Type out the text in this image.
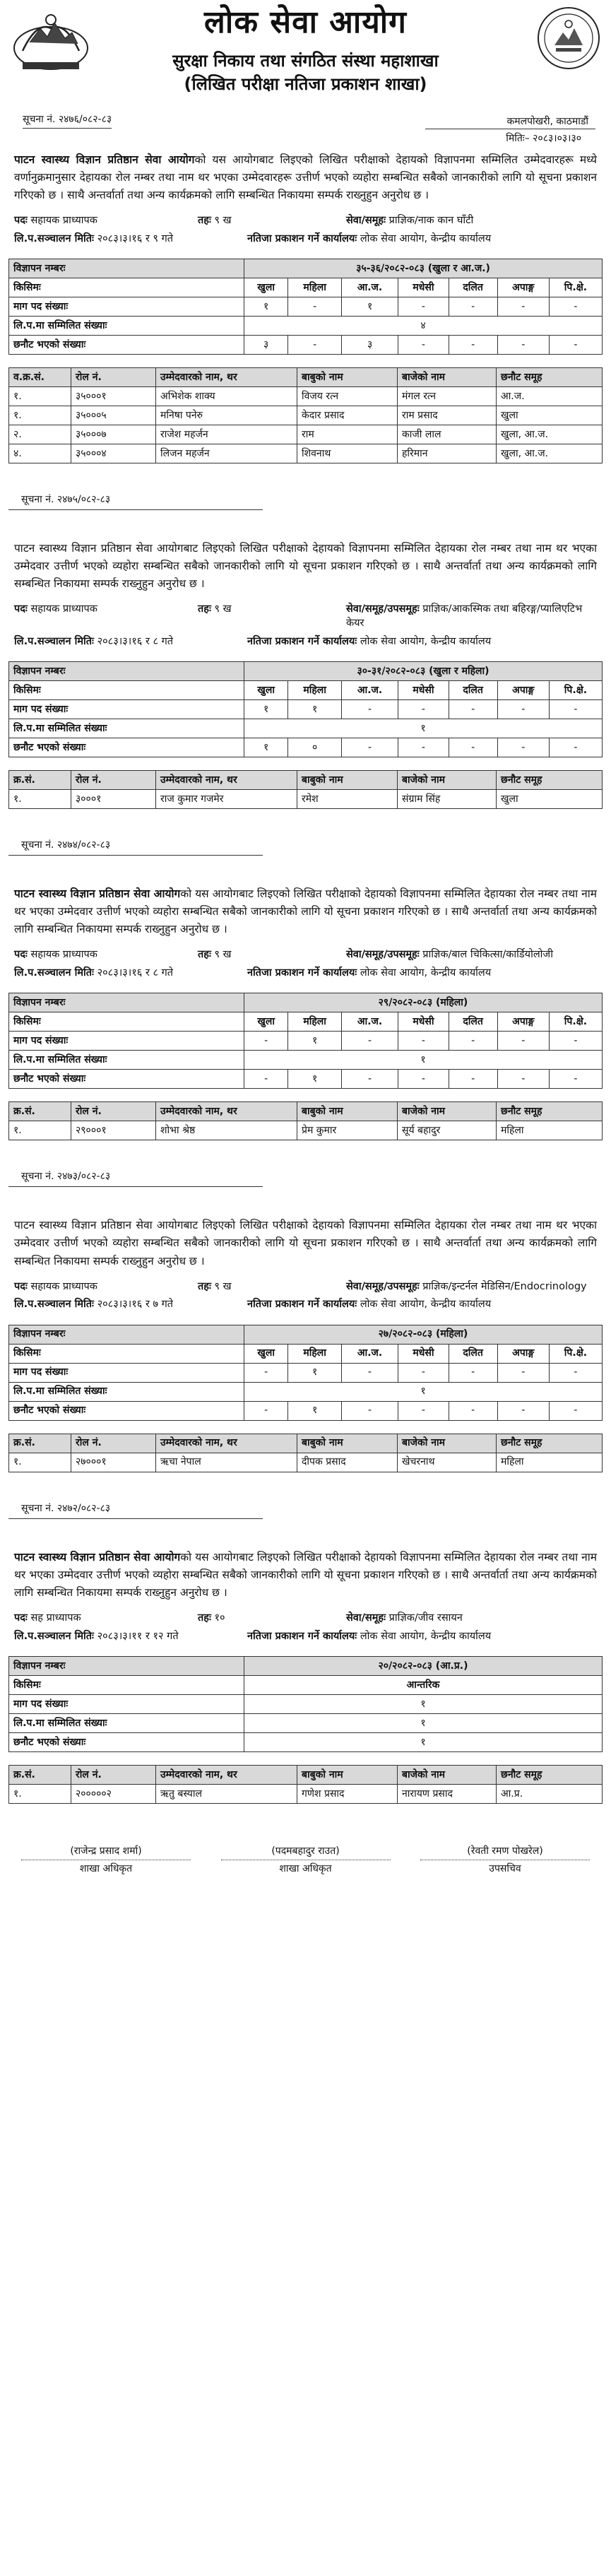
लोक सेवा आयोग
सुरक्षा निकाय तथा संगठित संस्था महाशाखा
(लिखित परीक्षा नतिजा प्रकाशन शाखा)
सूचना नं. २४७६/०८२-८३	कमलपोखरी, काठमाडौं
मितिः– २०८३।०३।३०
पाटन स्वास्थ्य विज्ञान प्रतिष्ठान सेवा आयोगको यस आयोगबाट लिइएको लिखित परीक्षाको देहायको विज्ञापनमा सम्मिलित उम्मेदवारहरू मध्ये वर्णानुक्रमानुसार देहायका रोल नम्बर तथा नाम थर भएका उम्मेदवारहरू उत्तीर्ण भएको व्यहोरा सम्बन्धित सबैको जानकारीको लागि यो सूचना प्रकाशन गरिएको छ । साथै अन्तर्वार्ता तथा अन्य कार्यक्रमको लागि सम्बन्धित निकायमा सम्पर्क राख्नुहुन अनुरोध छ ।
पदः सहायक प्राध्यापक	तहः ९ ख	सेवा/समूहः प्राज्ञिक/नाक कान घाँटी
लि.प.सञ्चालन मितिः २०८३।३।१६ र ९ गते	नतिजा प्रकाशन गर्ने कार्यालयः लोक सेवा आयोग, केन्द्रीय कार्यालय
विज्ञापन नम्बरः	३५-३६/२०८२-०८३ (खुला र आ.ज.)						
किसिमः	खुला	महिला	आ.ज.	मधेसी	दलित	अपाङ्ग	पि.क्षे.
माग पद संख्याः	१	-	१	-	-	-	-
लि.प.मा सम्मिलित संख्याः	४						
छनौट भएको संख्याः	३	-	३	-	-	-	-
व.क्र.सं.	रोल नं.	उम्मेदवारको नाम, थर	बाबुको नाम	बाजेको नाम	छनौट समूह
१.	३५०००१	अभिशेक शाक्य	विजय रत्न	मंगल रत्न	आ.ज.
१.	३५०००५	मनिषा पनेरु	केदार प्रसाद	राम प्रसाद	खुला
२.	३५०००७	राजेश महर्जन	राम	काजी लाल	खुला, आ.ज.
४.	३५०००४	लिजन महर्जन	शिवनाथ	हरिमान	खुला, आ.ज.
सूचना नं. २४७५/०८२-८३
पाटन स्वास्थ्य विज्ञान प्रतिष्ठान सेवा आयोगबाट लिइएको लिखित परीक्षाको देहायको विज्ञापनमा सम्मिलित देहायका रोल नम्बर तथा नाम थर भएका उम्मेदवार उत्तीर्ण भएको व्यहोरा सम्बन्धित सबैको जानकारीको लागि यो सूचना प्रकाशन गरिएको छ । साथै अन्तर्वार्ता तथा अन्य कार्यक्रमको लागि सम्बन्धित निकायमा सम्पर्क राख्नुहुन अनुरोध छ ।
पदः सहायक प्राध्यापक	तहः ९ ख	सेवा/समूह/उपसमूहः प्राज्ञिक/आकस्मिक तथा बहिरङ्ग/प्यालिएटिभ केयर
लि.प.सञ्चालन मितिः २०८३।३।१६ र ८ गते	नतिजा प्रकाशन गर्ने कार्यालयः लोक सेवा आयोग, केन्द्रीय कार्यालय
विज्ञापन नम्बरः	३०-३१/२०८२-०८३ (खुला र महिला)						
किसिमः	खुला	महिला	आ.ज.	मधेसी	दलित	अपाङ्ग	पि.क्षे.
माग पद संख्याः	१	१	-	-	-	-	-
लि.प.मा सम्मिलित संख्याः	१						
छनौट भएको संख्याः	१	०	-	-	-	-	-
क्र.सं.	रोल नं.	उम्मेदवारको नाम, थर	बाबुको नाम	बाजेको नाम	छनौट समूह
१.	३०००१	राज कुमार गजमेर	रमेश	संग्राम सिंह	खुला
सूचना नं. २४७४/०८२-८३
पाटन स्वास्थ्य विज्ञान प्रतिष्ठान सेवा आयोगको यस आयोगबाट लिइएको लिखित परीक्षाको देहायको विज्ञापनमा सम्मिलित देहायका रोल नम्बर तथा नाम थर भएका उम्मेदवार उत्तीर्ण भएको व्यहोरा सम्बन्धित सबैको जानकारीको लागि यो सूचना प्रकाशन गरिएको छ । साथै अन्तर्वार्ता तथा अन्य कार्यक्रमको लागि सम्बन्धित निकायमा सम्पर्क राख्नुहुन अनुरोध छ ।
पदः सहायक प्राध्यापक	तहः ९ ख	सेवा/समूह/उपसमूहः प्राज्ञिक/बाल चिकित्सा/कार्डियोलोजी
लि.प.सञ्चालन मितिः २०८३।३।१६ र ८ गते	नतिजा प्रकाशन गर्ने कार्यालयः लोक सेवा आयोग, केन्द्रीय कार्यालय
विज्ञापन नम्बरः	२९/२०८२-०८३ (महिला)						
किसिमः	खुला	महिला	आ.ज.	मधेसी	दलित	अपाङ्ग	पि.क्षे.
माग पद संख्याः	-	१	-	-	-	-	-
लि.प.मा सम्मिलित संख्याः	१						
छनौट भएको संख्याः	-	१	-	-	-	-	-
क्र.सं.	रोल नं.	उम्मेदवारको नाम, थर	बाबुको नाम	बाजेको नाम	छनौट समूह
१.	२९०००१	शोभा श्रेष्ठ	प्रेम कुमार	सूर्य बहादुर	महिला
सूचना नं. २४७३/०८२-८३
पाटन स्वास्थ्य विज्ञान प्रतिष्ठान सेवा आयोगबाट लिइएको लिखित परीक्षाको देहायको विज्ञापनमा सम्मिलित देहायका रोल नम्बर तथा नाम थर भएका उम्मेदवार उत्तीर्ण भएको व्यहोरा सम्बन्धित सबैको जानकारीको लागि यो सूचना प्रकाशन गरिएको छ । साथै अन्तर्वार्ता तथा अन्य कार्यक्रमको लागि सम्बन्धित निकायमा सम्पर्क राख्नुहुन अनुरोध छ ।
पदः सहायक प्राध्यापक	तहः ९ ख	सेवा/समूह/उपसमूहः प्राज्ञिक/इन्टर्नल मेडिसिन/Endocrinology
लि.प.सञ्चालन मितिः २०८३।३।१६ र ७ गते	नतिजा प्रकाशन गर्ने कार्यालयः लोक सेवा आयोग, केन्द्रीय कार्यालय
विज्ञापन नम्बरः	२७/२०८२-०८३ (महिला)						
किसिमः	खुला	महिला	आ.ज.	मधेसी	दलित	अपाङ्ग	पि.क्षे.
माग पद संख्याः	-	१	-	-	-	-	-
लि.प.मा सम्मिलित संख्याः	१						
छनौट भएको संख्याः	-	१	-	-	-	-	-
क्र.सं.	रोल नं.	उम्मेदवारको नाम, थर	बाबुको नाम	बाजेको नाम	छनौट समूह
१.	२७०००१	ऋचा नेपाल	दीपक प्रसाद	खेचरनाथ	महिला
सूचना नं. २४७२/०८२-८३
पाटन स्वास्थ्य विज्ञान प्रतिष्ठान सेवा आयोगको यस आयोगबाट लिइएको लिखित परीक्षाको देहायको विज्ञापनमा सम्मिलित देहायका रोल नम्बर तथा नाम थर भएका उम्मेदवार उत्तीर्ण भएको व्यहोरा सम्बन्धित सबैको जानकारीको लागि यो सूचना प्रकाशन गरिएको छ । साथै अन्तर्वार्ता तथा अन्य कार्यक्रमको लागि सम्बन्धित निकायमा सम्पर्क राख्नुहुन अनुरोध छ ।
पदः सह प्राध्यापक	तहः १०	सेवा/समूहः प्राज्ञिक/जीव रसायन
लि.प.सञ्चालन मितिः २०८३।३।११ र १२ गते	नतिजा प्रकाशन गर्ने कार्यालयः लोक सेवा आयोग, केन्द्रीय कार्यालय
विज्ञापन नम्बरः	२०/२०८२-०८३ (आ.प्र.)
किसिमः	आन्तरिक
माग पद संख्याः	१
लि.प.मा सम्मिलित संख्याः	१
छनौट भएको संख्याः	१
क्र.सं.	रोल नं.	उम्मेदवारको नाम, थर	बाबुको नाम	बाजेको नाम	छनौट समूह
१.	२०००००२	ऋतु बस्याल	गणेश प्रसाद	नारायण प्रसाद	आ.प्र.
(राजेन्द्र प्रसाद शर्मा)
शाखा अधिकृत
(पदमबहादुर राउत)
शाखा अधिकृत
(रेवती रमण पोखरेल)
उपसचिव
